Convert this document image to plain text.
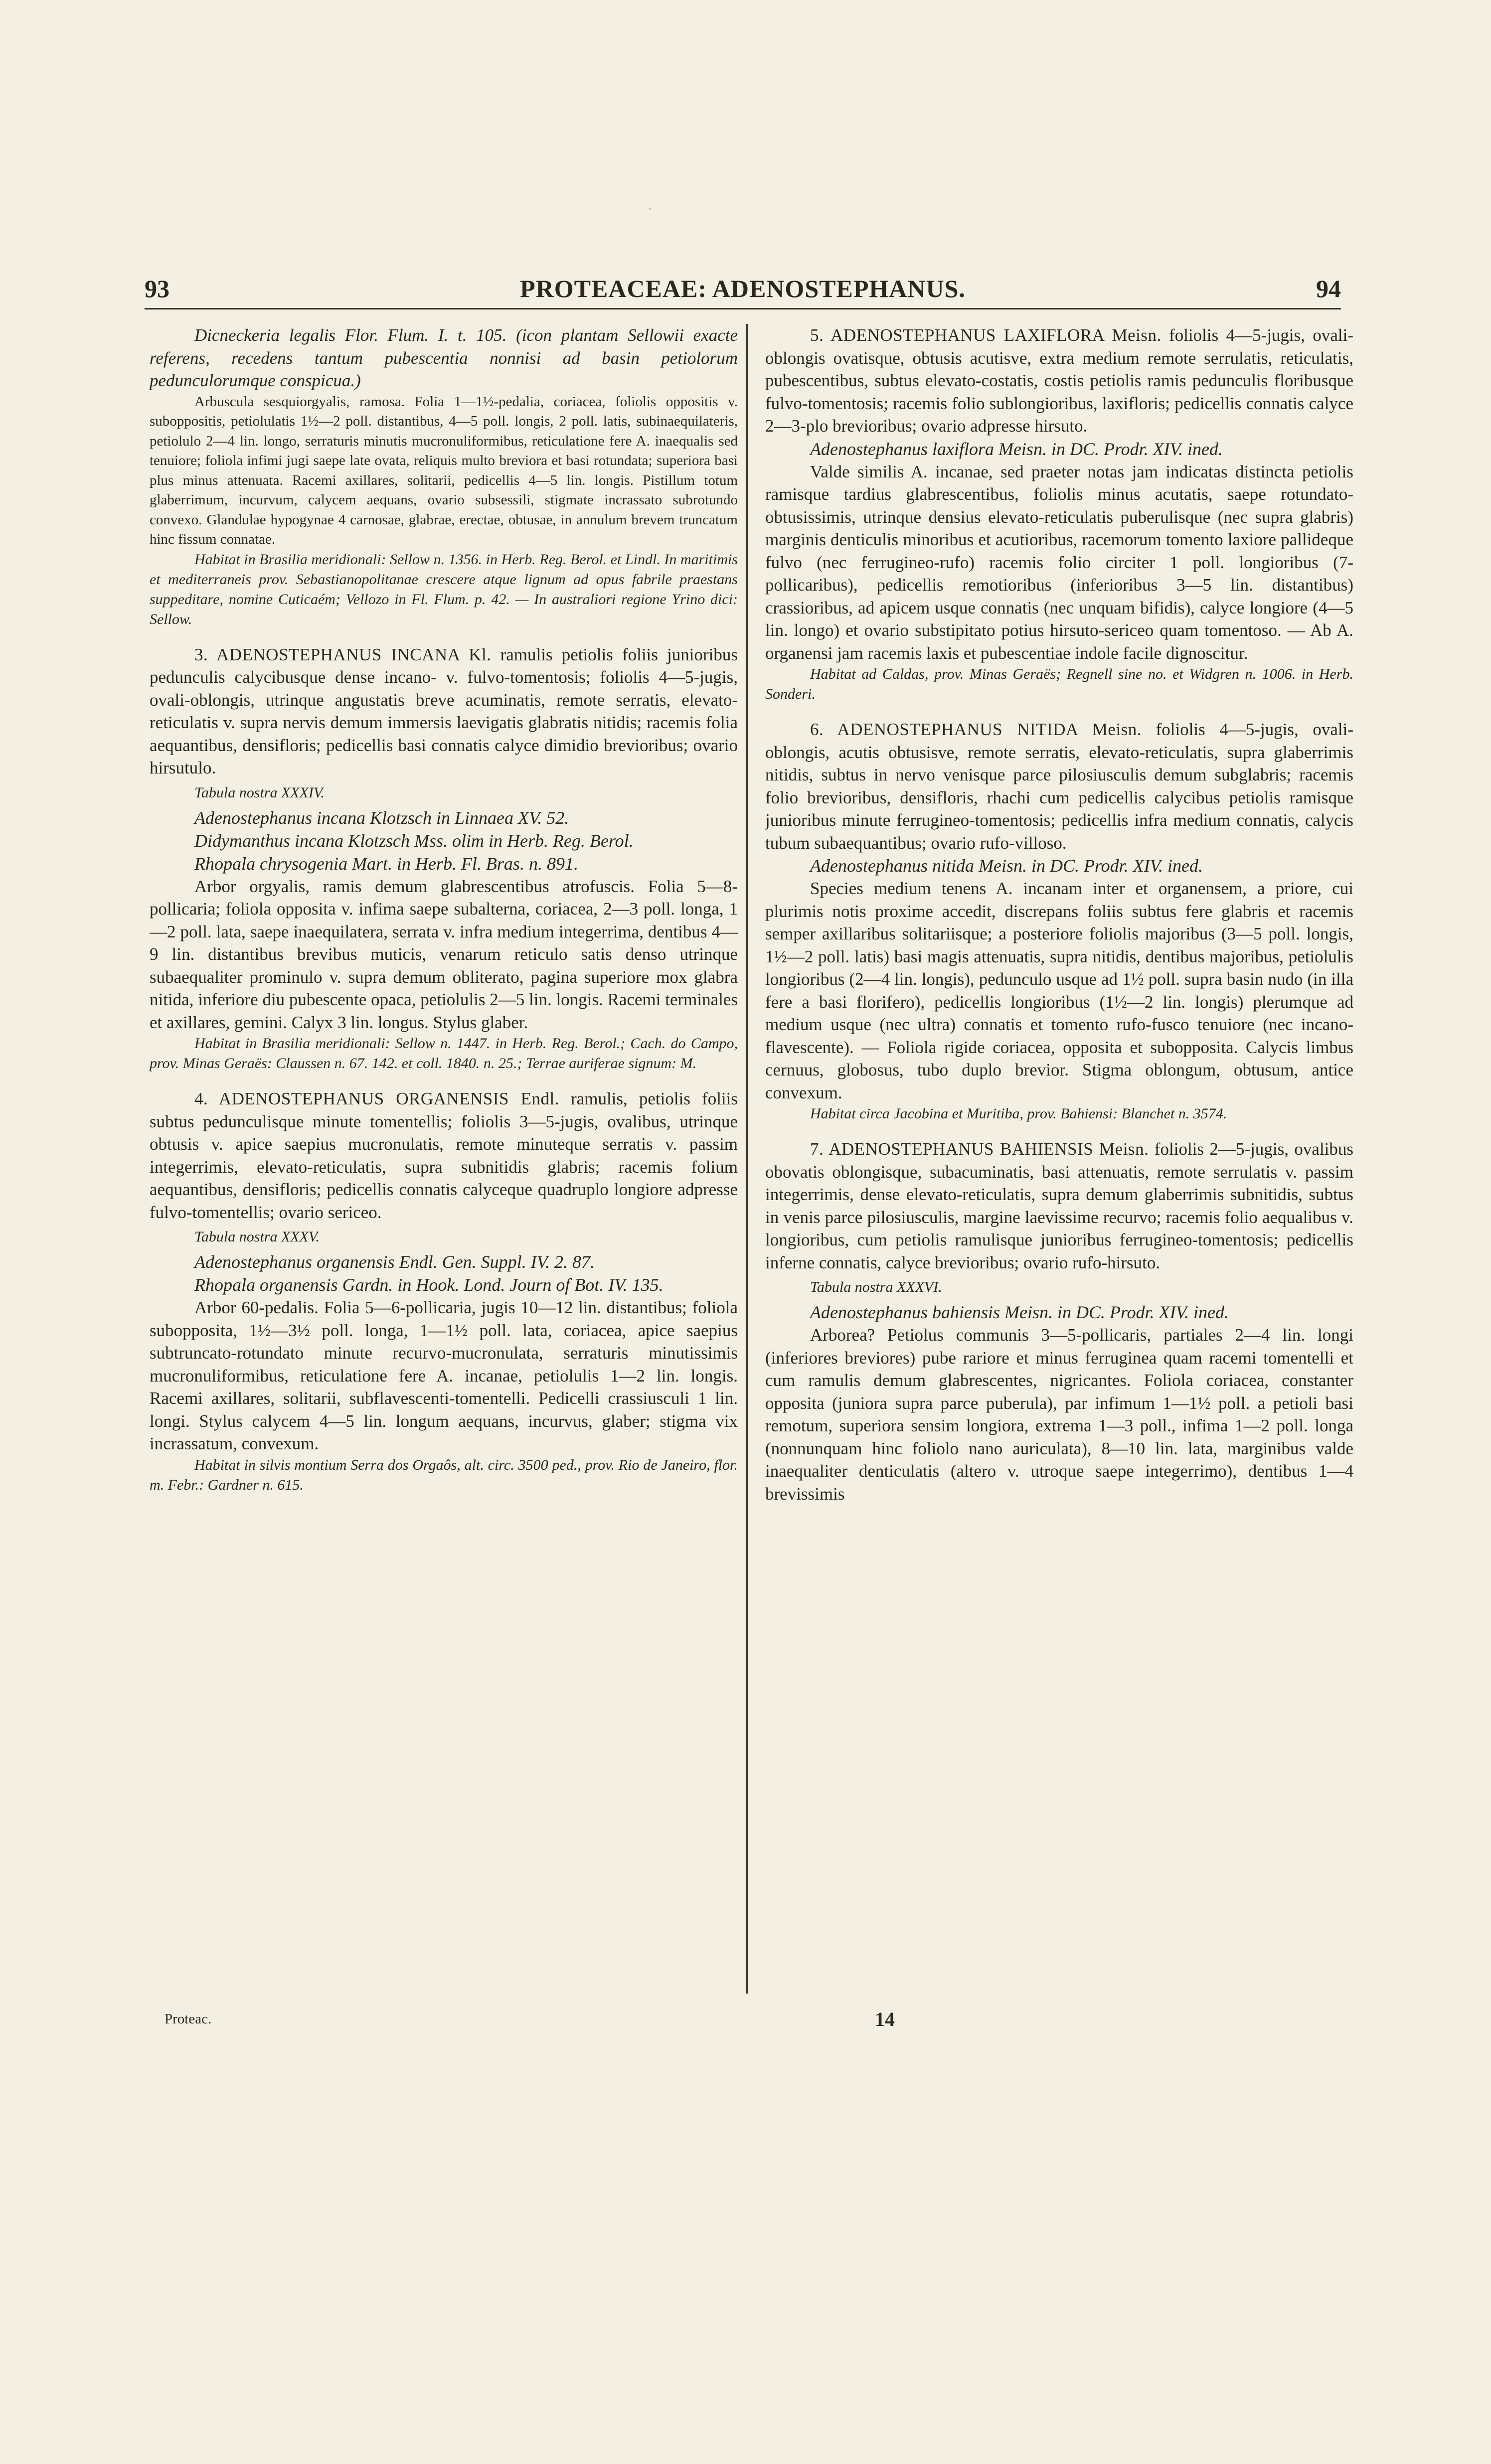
·
93	PROTEACEAE: ADENOSTEPHANUS.	94

Dicneckeria legalis Flor. Flum. I. t. 105. (icon plantam Sellowii exacte referens, recedens tantum pubescentia nonnisi ad basin petiolorum pedunculorumque conspicua.)

Arbuscula sesquiorgyalis, ramosa. Folia 1—1½-pedalia, coriacea, foliolis oppositis v. suboppositis, petiolulatis 1½—2 poll. distantibus, 4—5 poll. longis, 2 poll. latis, subinaequilateris, petiolulo 2—4 lin. longo, serraturis minutis mucronuliformibus, reticulatione fere A. inaequalis sed tenuiore; foliola infimi jugi saepe late ovata, reliquis multo breviora et basi rotundata; superiora basi plus minus attenuata. Racemi axillares, solitarii, pedicellis 4—5 lin. longis. Pistillum totum glaberrimum, incurvum, calycem aequans, ovario subsessili, stigmate incrassato subrotundo convexo. Glandulae hypogynae 4 carnosae, glabrae, erectae, obtusae, in annulum brevem truncatum hinc fissum connatae.

Habitat in Brasilia meridionali: Sellow n. 1356. in Herb. Reg. Berol. et Lindl. In maritimis et mediterraneis prov. Sebastianopolitanae crescere atque lignum ad opus fabrile praestans suppeditare, nomine Cuticaém; Vellozo in Fl. Flum. p. 42. — In australiori regione Yrino dici: Sellow.

3. ADENOSTEPHANUS INCANA Kl. ramulis petiolis foliis junioribus pedunculis calycibusque dense incano- v. fulvo-tomentosis; foliolis 4—5-jugis, ovali-oblongis, utrinque angustatis breve acuminatis, remote serratis, elevato-reticulatis v. supra nervis demum immersis laevigatis glabratis nitidis; racemis folia aequantibus, densifloris; pedicellis basi connatis calyce dimidio brevioribus; ovario hirsutulo.

Tabula nostra XXXIV.

Adenostephanus incana Klotzsch in Linnaea XV. 52.

Didymanthus incana Klotzsch Mss. olim in Herb. Reg. Berol.

Rhopala chrysogenia Mart. in Herb. Fl. Bras. n. 891.

Arbor orgyalis, ramis demum glabrescentibus atrofuscis. Folia 5—8-pollicaria; foliola opposita v. infima saepe subalterna, coriacea, 2—3 poll. longa, 1—2 poll. lata, saepe inaequilatera, serrata v. infra medium integerrima, dentibus 4—9 lin. distantibus brevibus muticis, venarum reticulo satis denso utrinque subaequaliter prominulo v. supra demum obliterato, pagina superiore mox glabra nitida, inferiore diu pubescente opaca, petiolulis 2—5 lin. longis. Racemi terminales et axillares, gemini. Calyx 3 lin. longus. Stylus glaber.

Habitat in Brasilia meridionali: Sellow n. 1447. in Herb. Reg. Berol.; Cach. do Campo, prov. Minas Geraës: Claussen n. 67. 142. et coll. 1840. n. 25.; Terrae auriferae signum: M.

4. ADENOSTEPHANUS ORGANENSIS Endl. ramulis, petiolis foliis subtus pedunculisque minute tomentellis; foliolis 3—5-jugis, ovalibus, utrinque obtusis v. apice saepius mucronulatis, remote minuteque serratis v. passim integerrimis, elevato-reticulatis, supra subnitidis glabris; racemis folium aequantibus, densifloris; pedicellis connatis calyceque quadruplo longiore adpresse fulvo-tomentellis; ovario sericeo.

Tabula nostra XXXV.

Adenostephanus organensis Endl. Gen. Suppl. IV. 2. 87.

Rhopala organensis Gardn. in Hook. Lond. Journ of Bot. IV. 135.

Arbor 60-pedalis. Folia 5—6-pollicaria, jugis 10—12 lin. distantibus; foliola subopposita, 1½—3½ poll. longa, 1—1½ poll. lata, coriacea, apice saepius subtruncato-rotundato minute recurvo-mucronulata, serraturis minutissimis mucronuliformibus, reticulatione fere A. incanae, petiolulis 1—2 lin. longis. Racemi axillares, solitarii, subflavescenti-tomentelli. Pedicelli crassiusculi 1 lin. longi. Stylus calycem 4—5 lin. longum aequans, incurvus, glaber; stigma vix incrassatum, convexum.

Habitat in silvis montium Serra dos Orgaôs, alt. circ. 3500 ped., prov. Rio de Janeiro, flor. m. Febr.: Gardner n. 615.

Proteac.

5. ADENOSTEPHANUS LAXIFLORA Meisn. foliolis 4—5-jugis, ovali-oblongis ovatisque, obtusis acutisve, extra medium remote serrulatis, reticulatis, pubescentibus, subtus elevato-costatis, costis petiolis ramis pedunculis floribusque fulvo-tomentosis; racemis folio sublongioribus, laxifloris; pedicellis connatis calyce 2—3-plo brevioribus; ovario adpresse hirsuto.

Adenostephanus laxiflora Meisn. in DC. Prodr. XIV. ined.

Valde similis A. incanae, sed praeter notas jam indicatas distincta petiolis ramisque tardius glabrescentibus, foliolis minus acutatis, saepe rotundato-obtusissimis, utrinque densius elevato-reticulatis puberulisque (nec supra glabris) marginis denticulis minoribus et acutioribus, racemorum tomento laxiore pallideque fulvo (nec ferrugineo-rufo) racemis folio circiter 1 poll. longioribus (7-pollicaribus), pedicellis remotioribus (inferioribus 3—5 lin. distantibus) crassioribus, ad apicem usque connatis (nec unquam bifidis), calyce longiore (4—5 lin. longo) et ovario substipitato potius hirsuto-sericeo quam tomentoso. — Ab A. organensi jam racemis laxis et pubescentiae indole facile dignoscitur.

Habitat ad Caldas, prov. Minas Geraës; Regnell sine no. et Widgren n. 1006. in Herb. Sonderi.

6. ADENOSTEPHANUS NITIDA Meisn. foliolis 4—5-jugis, ovali-oblongis, acutis obtusisve, remote serratis, elevato-reticulatis, supra glaberrimis nitidis, subtus in nervo venisque parce pilosiusculis demum subglabris; racemis folio brevioribus, densifloris, rhachi cum pedicellis calycibus petiolis ramisque junioribus minute ferrugineo-tomentosis; pedicellis infra medium connatis, calycis tubum subaequantibus; ovario rufo-villoso.

Adenostephanus nitida Meisn. in DC. Prodr. XIV. ined.

Species medium tenens A. incanam inter et organensem, a priore, cui plurimis notis proxime accedit, discrepans foliis subtus fere glabris et racemis semper axillaribus solitariisque; a posteriore foliolis majoribus (3—5 poll. longis, 1½—2 poll. latis) basi magis attenuatis, supra nitidis, dentibus majoribus, petiolulis longioribus (2—4 lin. longis), pedunculo usque ad 1½ poll. supra basin nudo (in illa fere a basi florifero), pedicellis longioribus (1½—2 lin. longis) plerumque ad medium usque (nec ultra) connatis et tomento rufo-fusco tenuiore (nec incano-flavescente). — Foliola rigide coriacea, opposita et subopposita. Calycis limbus cernuus, globosus, tubo duplo brevior. Stigma oblongum, obtusum, antice convexum.

Habitat circa Jacobina et Muritiba, prov. Bahiensi: Blanchet n. 3574.

7. ADENOSTEPHANUS BAHIENSIS Meisn. foliolis 2—5-jugis, ovalibus obovatis oblongisque, subacuminatis, basi attenuatis, remote serrulatis v. passim integerrimis, dense elevato-reticulatis, supra demum glaberrimis subnitidis, subtus in venis parce pilosiusculis, margine laevissime recurvo; racemis folio aequalibus v. longioribus, cum petiolis ramulisque junioribus ferrugineo-tomentosis; pedicellis inferne connatis, calyce brevioribus; ovario rufo-hirsuto.

Tabula nostra XXXVI.

Adenostephanus bahiensis Meisn. in DC. Prodr. XIV. ined.

Arborea? Petiolus communis 3—5-pollicaris, partiales 2—4 lin. longi (inferiores breviores) pube rariore et minus ferruginea quam racemi tomentelli et cum ramulis demum glabrescentes, nigricantes. Foliola coriacea, constanter opposita (juniora supra parce puberula), par infimum 1—1½ poll. a petioli basi remotum, superiora sensim longiora, extrema 1—3 poll., infima 1—2 poll. longa (nonnunquam hinc foliolo nano auriculata), 8—10 lin. lata, marginibus valde inaequaliter denticulatis (altero v. utroque saepe integerrimo), dentibus 1—4 brevissimis

14
